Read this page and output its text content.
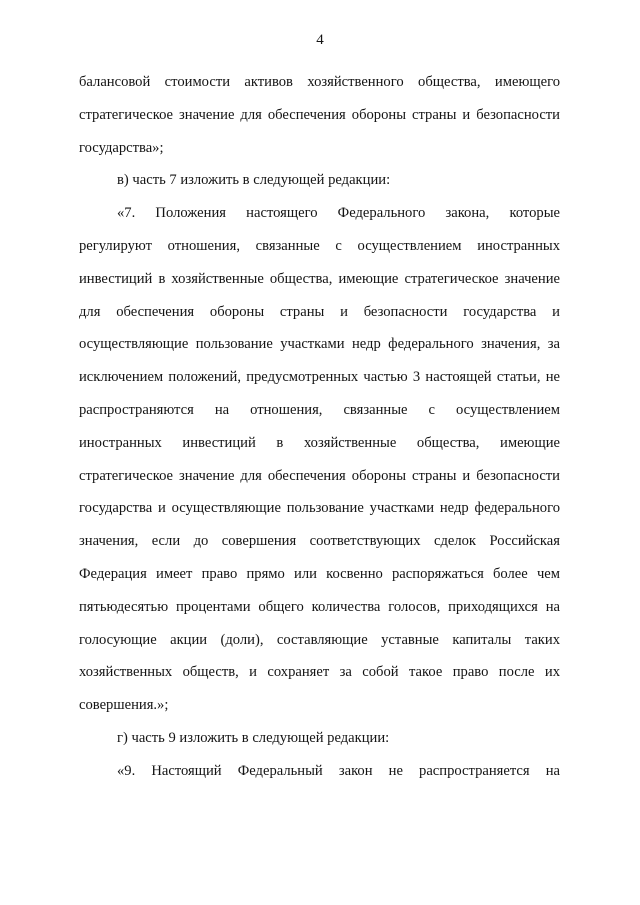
4
балансовой стоимости активов хозяйственного общества, имеющего
стратегическое значение для обеспечения обороны страны и безопасности
государства»;
в) часть 7 изложить в следующей редакции:
«7. Положения настоящего Федерального закона, которые
регулируют отношения, связанные с осуществлением иностранных
инвестиций в хозяйственные общества, имеющие стратегическое значение
для обеспечения обороны страны и безопасности государства и
осуществляющие пользование участками недр федерального значения, за
исключением положений, предусмотренных частью 3 настоящей статьи, не
распространяются на отношения, связанные с осуществлением
иностранных инвестиций в хозяйственные общества, имеющие
стратегическое значение для обеспечения обороны страны и безопасности
государства и осуществляющие пользование участками недр федерального
значения, если до совершения соответствующих сделок Российская
Федерация имеет право прямо или косвенно распоряжаться более чем
пятьюдесятью процентами общего количества голосов, приходящихся на
голосующие акции (доли), составляющие уставные капиталы таких
хозяйственных обществ, и сохраняет за собой такое право после их
совершения.»;
г) часть 9 изложить в следующей редакции:
«9. Настоящий Федеральный закон не распространяется на
